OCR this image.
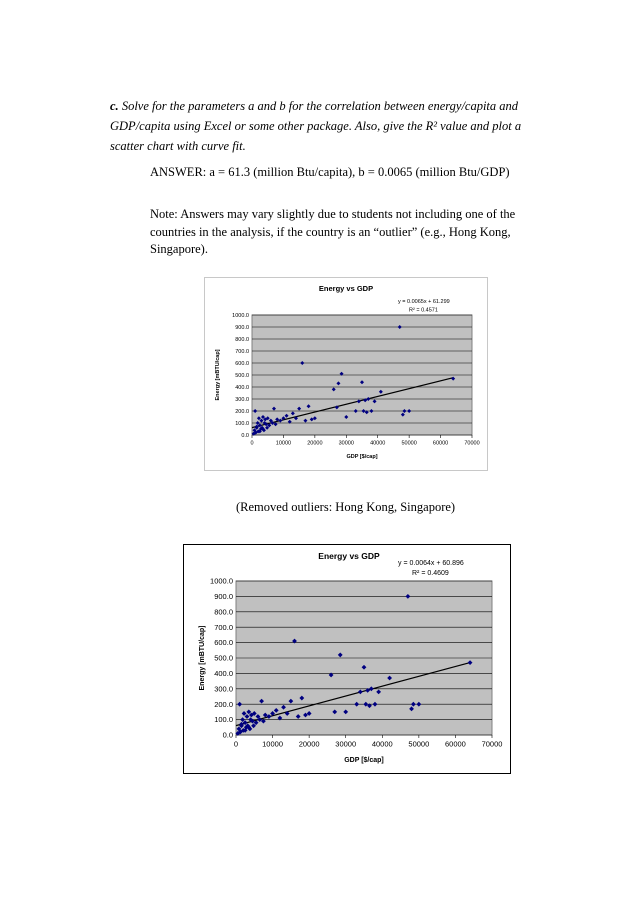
c. Solve for the parameters a and b for the correlation between energy/capita and GDP/capita using Excel or some other package. Also, give the R² value and plot a scatter chart with curve fit.
ANSWER: a = 61.3 (million Btu/capita), b = 0.0065 (million Btu/GDP)
Note: Answers may vary slightly due to students not including one of the countries in the analysis, if the country is an “outlier” (e.g., Hong Kong, Singapore).
0.0
100.0
200.0
300.0
400.0
500.0
600.0
700.0
800.0
900.0
1000.0
0	10000	20000	30000	40000	50000	60000	70000
Energy vs GDP
y = 0.0065x + 61.299
R² = 0.4571
GDP [$/cap]
Energy [mBTU/cap]
(Removed outliers: Hong Kong, Singapore)
0.0
100.0
200.0
300.0
400.0
500.0
600.0
700.0
800.0
900.0
1000.0
0	10000 20000 30000 40000 50000 60000 70000
Energy vs GDP
y = 0.0064x + 60.896
R² = 0.4609
GDP [$/cap]
Energy [mBTU/cap]
